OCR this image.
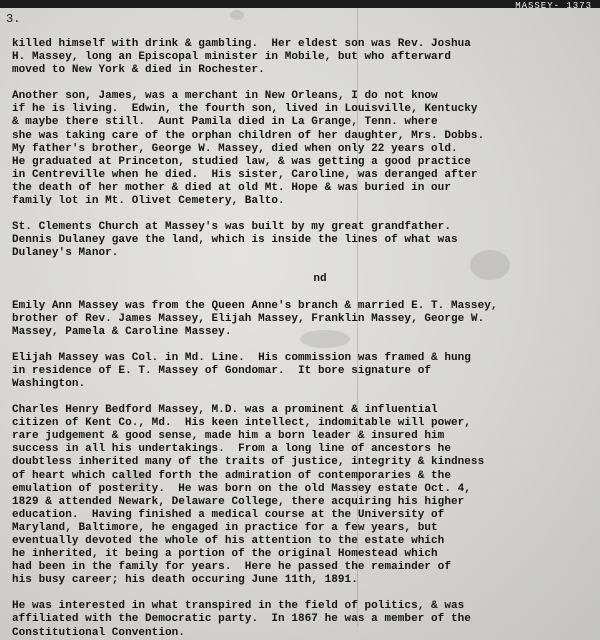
MASSEY- 1373
3.
killed himself with drink & gambling.  Her eldest son was Rev. Joshua
H. Massey, long an Episcopal minister in Mobile, but who afterward
moved to New York & died in Rochester.
Another son, James, was a merchant in New Orleans, I do not know
if he is living.  Edwin, the fourth son, lived in Louisville, Kentucky
& maybe there still.  Aunt Pamila died in La Grange, Tenn. where
she was taking care of the orphan children of her daughter, Mrs. Dobbs.
My father's brother, George W. Massey, died when only 22 years old.
He graduated at Princeton, studied law, & was getting a good practice
in Centreville when he died.  His sister, Caroline, was deranged after
the death of her mother & died at old Mt. Hope & was buried in our
family lot in Mt. Olivet Cemetery, Balto.
St. Clements Church at Massey's was built by my great grandfather.
Dennis Dulaney gave the land, which is inside the lines of what was
Dulaney's Manor.
nd
Emily Ann Massey was from the Queen Anne's branch & married E. T. Massey,
brother of Rev. James Massey, Elijah Massey, Franklin Massey, George W.
Massey, Pamela & Caroline Massey.
Elijah Massey was Col. in Md. Line.  His commission was framed & hung
in residence of E. T. Massey of Gondomar.  It bore signature of
Washington.
Charles Henry Bedford Massey, M.D. was a prominent & influential
citizen of Kent Co., Md.  His keen intellect, indomitable will power,
rare judgement & good sense, made him a born leader & insured him
success in all his undertakings.  From a long line of ancestors he
doubtless inherited many of the traits of justice, integrity & kindness
of heart which called forth the admiration of contemporaries & the
emulation of posterity.  He was born on the old Massey estate Oct. 4,
1829 & attended Newark, Delaware College, there acquiring his higher
education.  Having finished a medical course at the University of
Maryland, Baltimore, he engaged in practice for a few years, but
eventually devoted the whole of his attention to the estate which
he inherited, it being a portion of the original Homestead which
had been in the family for years.  Here he passed the remainder of
his busy career; his death occuring June 11th, 1891.
He was interested in what transpired in the field of politics, & was
affiliated with the Democratic party.  In 1867 he was a member of the
Constitutional Convention.
